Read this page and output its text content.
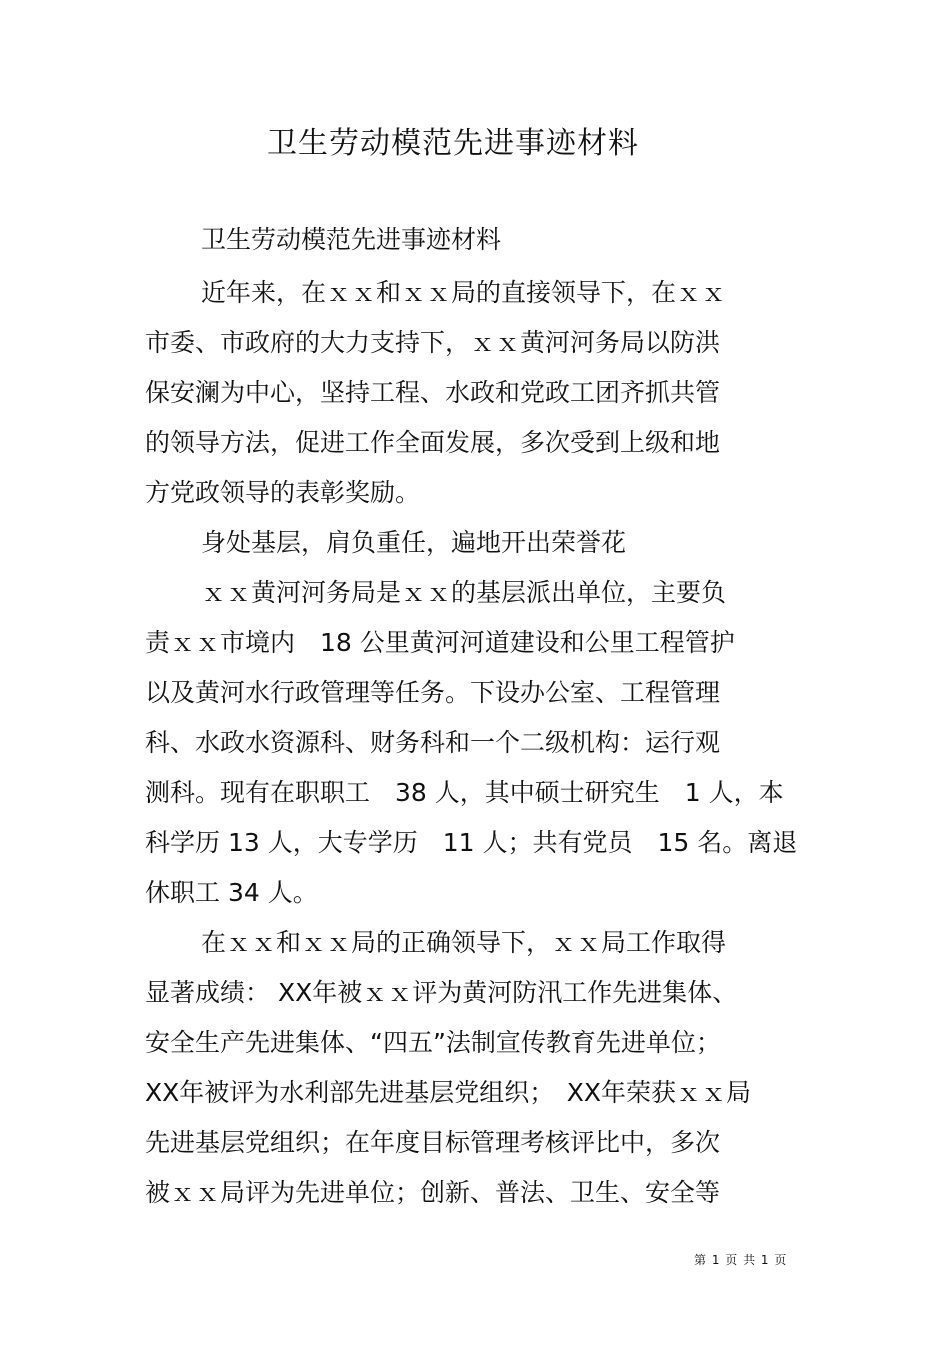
卫生劳动模范先进事迹材料
卫生劳动模范先进事迹材料
近年来，在ｘｘ和ｘｘ局的直接领导下，在ｘｘ
市委、市政府的大力支持下，ｘｘ黄河河务局以防洪
保安澜为中心，坚持工程、水政和党政工团齐抓共管
的领导方法，促进工作全面发展，多次受到上级和地
方党政领导的表彰奖励。
身处基层，肩负重任，遍地开出荣誉花
ｘｘ黄河河务局是ｘｘ的基层派出单位，主要负
责ｘｘ市境内　18 公里黄河河道建设和公里工程管护
以及黄河水行政管理等任务。下设办公室、工程管理
科、水政水资源科、财务科和一个二级机构：运行观
测科。现有在职职工　38 人，其中硕士研究生　1 人，本
科学历 13 人，大专学历　11 人；共有党员　15 名。离退
休职工 34 人。
在ｘｘ和ｘｘ局的正确领导下，ｘｘ局工作取得
显著成绩： XX年被ｘｘ评为黄河防汛工作先进集体、
安全生产先进集体、“四五”法制宣传教育先进单位；
XX年被评为水利部先进基层党组织；　XX年荣获ｘｘ局
先进基层党组织；在年度目标管理考核评比中，多次
被ｘｘ局评为先进单位；创新、普法、卫生、安全等
第 1 页 共 1 页
